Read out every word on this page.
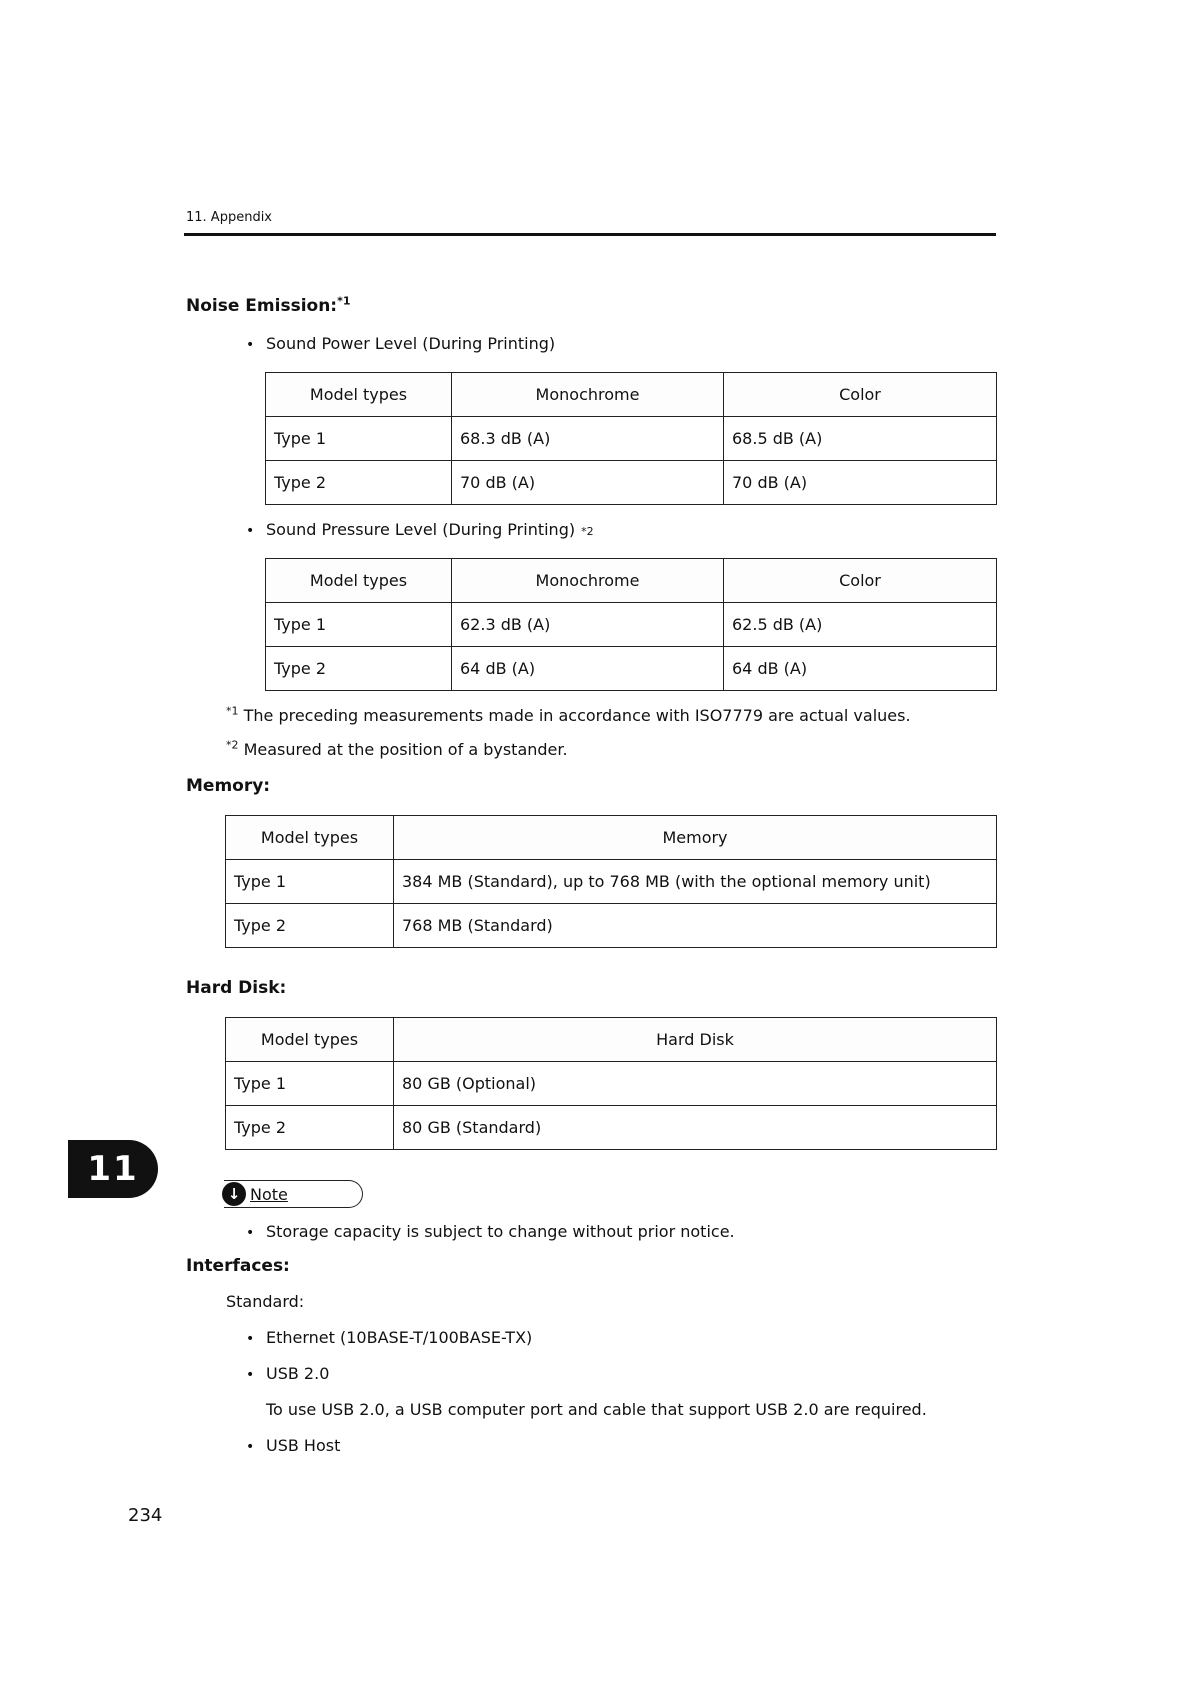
11. Appendix
Noise Emission:$^{*1}$
• Sound Power Level (During Printing)
Model types	Monochrome	Color
Type 1	68.3 dB (A)	68.5 dB (A)
Type 2	70 dB (A)	70 dB (A)
• Sound Pressure Level (During Printing) *2
Model types	Monochrome	Color
Type 1	62.3 dB (A)	62.5 dB (A)
Type 2	64 dB (A)	64 dB (A)
$^{*1}$ The preceding measurements made in accordance with ISO7779 are actual values.
$^{*2}$ Measured at the position of a bystander.
Memory:
Model types	Memory
Type 1	384 MB (Standard), up to 768 MB (with the optional memory unit)
Type 2	768 MB (Standard)
Hard Disk:
Model types	Hard Disk
Type 1	80 GB (Optional)
Type 2	80 GB (Standard)
11
↓ Note
• Storage capacity is subject to change without prior notice.
Interfaces:
Standard:
• Ethernet (10BASE-T/100BASE-TX)
• USB 2.0
To use USB 2.0, a USB computer port and cable that support USB 2.0 are required.
• USB Host
234
